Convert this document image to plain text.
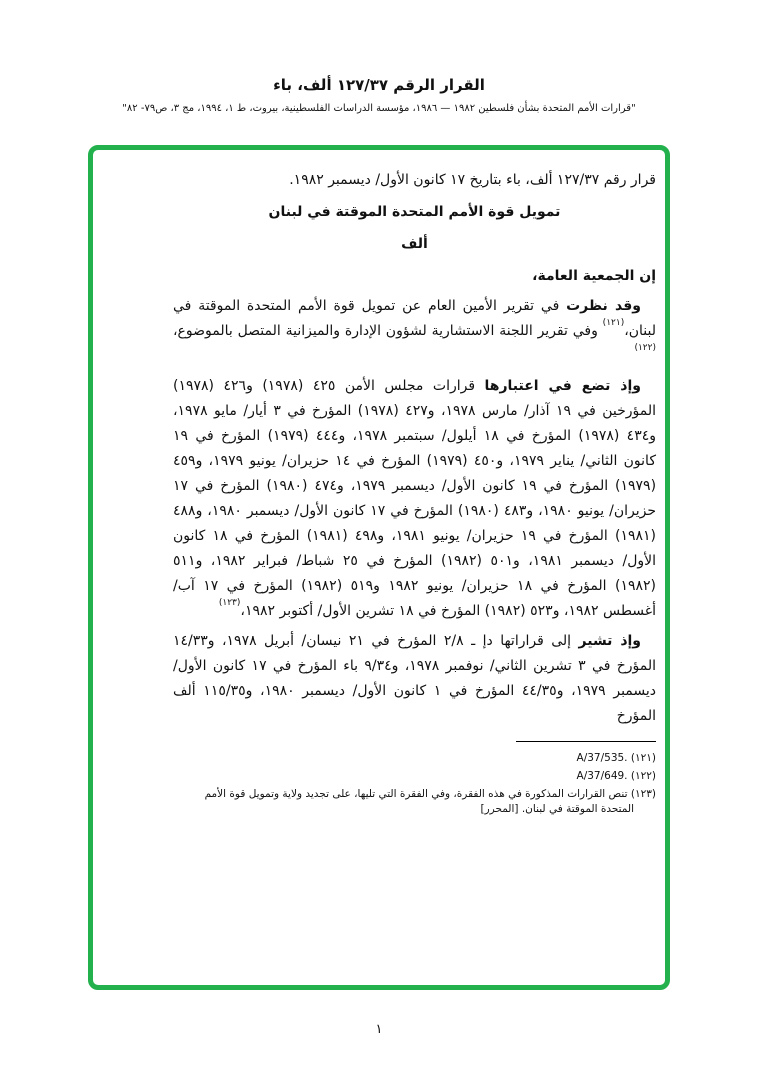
القرار الرقم ١٢٧/٣٧ ألف، باء
"قرارات الأمم المتحدة بشأن فلسطين ١٩٨٢ — ١٩٨٦، مؤسسة الدراسات الفلسطينية، بيروت، ط ١، ١٩٩٤، مج ٣، ص٧٩- ٨٢"

قرار رقم ١٢٧/٣٧ ألف، باء بتاريخ ١٧ كانون الأول/ ديسمبر ١٩٨٢.

تمويل قوة الأمم المتحدة الموقتة في لبنان

ألف

إن الجمعية العامة،

وقد نظرت في تقرير الأمين العام عن تمويل قوة الأمم المتحدة الموقتة في لبنان،$^{(١٢١)}$ وفي تقرير اللجنة الاستشارية لشؤون الإدارة والميزانية المتصل بالموضوع،$^{(١٢٢)}$

وإذ تضع في اعتبارها قرارات مجلس الأمن ٤٢٥ (١٩٧٨) و٤٢٦ (١٩٧٨) المؤرخين في ١٩ آذار/ مارس ١٩٧٨، و٤٢٧ (١٩٧٨) المؤرخ في ٣ أيار/ مايو ١٩٧٨، و٤٣٤ (١٩٧٨) المؤرخ في ١٨ أيلول/ سبتمبر ١٩٧٨، و٤٤٤ (١٩٧٩) المؤرخ في ١٩ كانون الثاني/ يناير ١٩٧٩، و٤٥٠ (١٩٧٩) المؤرخ في ١٤ حزيران/ يونيو ١٩٧٩، و٤٥٩ (١٩٧٩) المؤرخ في ١٩ كانون الأول/ ديسمبر ١٩٧٩، و٤٧٤ (١٩٨٠) المؤرخ في ١٧ حزيران/ يونيو ١٩٨٠، و٤٨٣ (١٩٨٠) المؤرخ في ١٧ كانون الأول/ ديسمبر ١٩٨٠، و٤٨٨ (١٩٨١) المؤرخ في ١٩ حزيران/ يونيو ١٩٨١، و٤٩٨ (١٩٨١) المؤرخ في ١٨ كانون الأول/ ديسمبر ١٩٨١، و٥٠١ (١٩٨٢) المؤرخ في ٢٥ شباط/ فبراير ١٩٨٢، و٥١١ (١٩٨٢) المؤرخ في ١٨ حزيران/ يونيو ١٩٨٢ و٥١٩ (١٩٨٢) المؤرخ في ١٧ آب/ أغسطس ١٩٨٢، و٥٢٣ (١٩٨٢) المؤرخ في ١٨ تشرين الأول/ أكتوبر ١٩٨٢،$^{(١٢٣)}$

وإذ تشير إلى قراراتها دإ ـ ٢/٨ المؤرخ في ٢١ نيسان/ أبريل ١٩٧٨، و١٤/٣٣ المؤرخ في ٣ تشرين الثاني/ نوفمبر ١٩٧٨، و٩/٣٤ باء المؤرخ في ١٧ كانون الأول/ ديسمبر ١٩٧٩، و٤٤/٣٥ المؤرخ في ١ كانون الأول/ ديسمبر ١٩٨٠، و١١٥/٣٥ ألف المؤرخ

(١٢١) A/37/535.
(١٢٢) A/37/649.
(١٢٣) تنص القرارات المذكورة في هذه الفقرة، وفي الفقرة التي تليها، على تجديد ولاية وتمويل قوة الأمم المتحدة الموقتة في لبنان. [المحرر]
١
